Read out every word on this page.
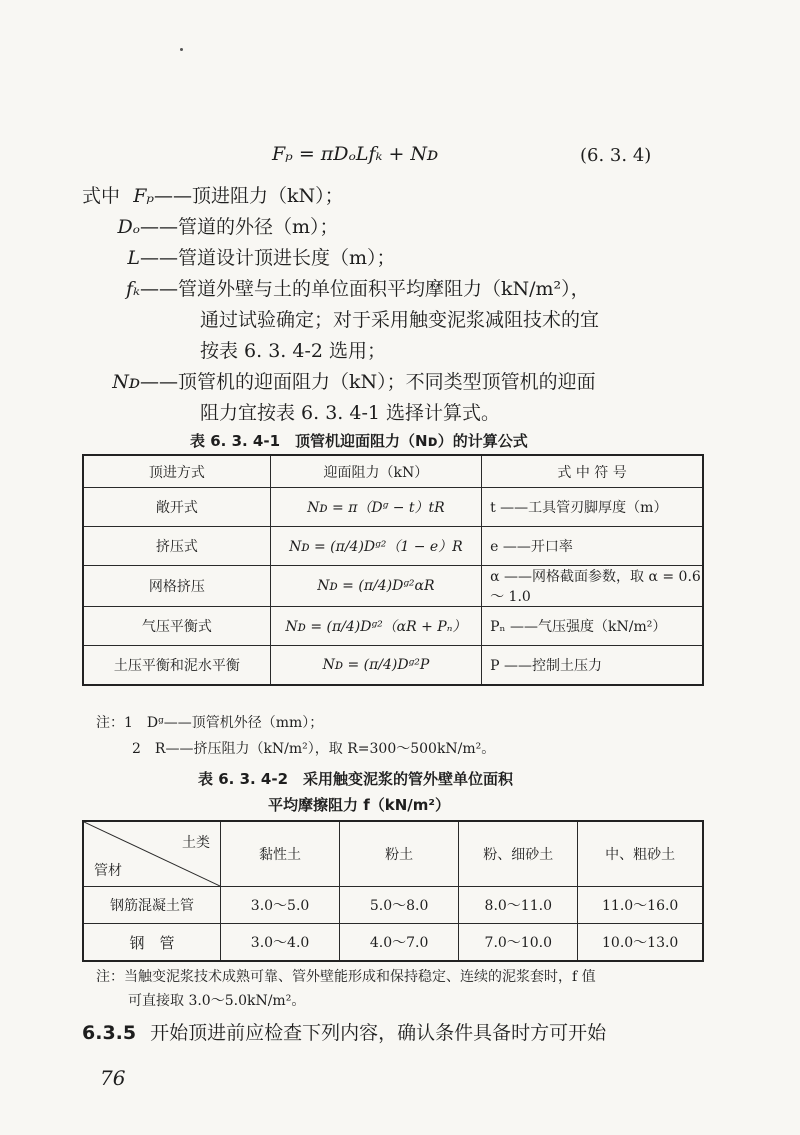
Fₚ = πDₒLfₖ + Nᴅ	(6. 3. 4)
式中 Fₚ——顶进阻力（kN）；
Dₒ——管道的外径（m）；
L——管道设计顶进长度（m）；
fₖ——管道外壁与土的单位面积平均摩阻力（kN/m²），
通过试验确定；对于采用触变泥浆减阻技术的宜
按表 6. 3. 4-2 选用；
Nᴅ——顶管机的迎面阻力（kN）；不同类型顶管机的迎面
阻力宜按表 6. 3. 4-1 选择计算式。
表 6. 3. 4-1　顶管机迎面阻力（Nᴅ）的计算公式
顶进方式	迎面阻力（kN）	式 中 符 号
敞开式	Nᴅ = π（Dᵍ − t）tR	t ——工具管刃脚厚度（m）
挤压式	Nᴅ = (π/4)Dᵍ²（1 − e）R	e ——开口率
网格挤压	Nᴅ = (π/4)Dᵍ²αR	α ——网格截面参数，取 α = 0.6 ～ 1.0
气压平衡式	Nᴅ = (π/4)Dᵍ²（αR + Pₙ）	Pₙ ——气压强度（kN/m²）
土压平衡和泥水平衡	Nᴅ = (π/4)Dᵍ²P	P ——控制土压力
注：1　Dᵍ——顶管机外径（mm）；
2　R——挤压阻力（kN/m²），取 R=300～500kN/m²。
表 6. 3. 4-2　采用触变泥浆的管外壁单位面积
平均摩擦阻力 f（kN/m²）
土类
管材	黏性土	粉土	粉、细砂土	中、粗砂土
钢筋混凝土管	3.0～5.0	5.0～8.0	8.0～11.0	11.0～16.0
钢　管	3.0～4.0	4.0～7.0	7.0～10.0	10.0～13.0
注：当触变泥浆技术成熟可靠、管外壁能形成和保持稳定、连续的泥浆套时，f 值
可直接取 3.0～5.0kN/m²。
6.3.5 开始顶进前应检查下列内容，确认条件具备时方可开始
76
